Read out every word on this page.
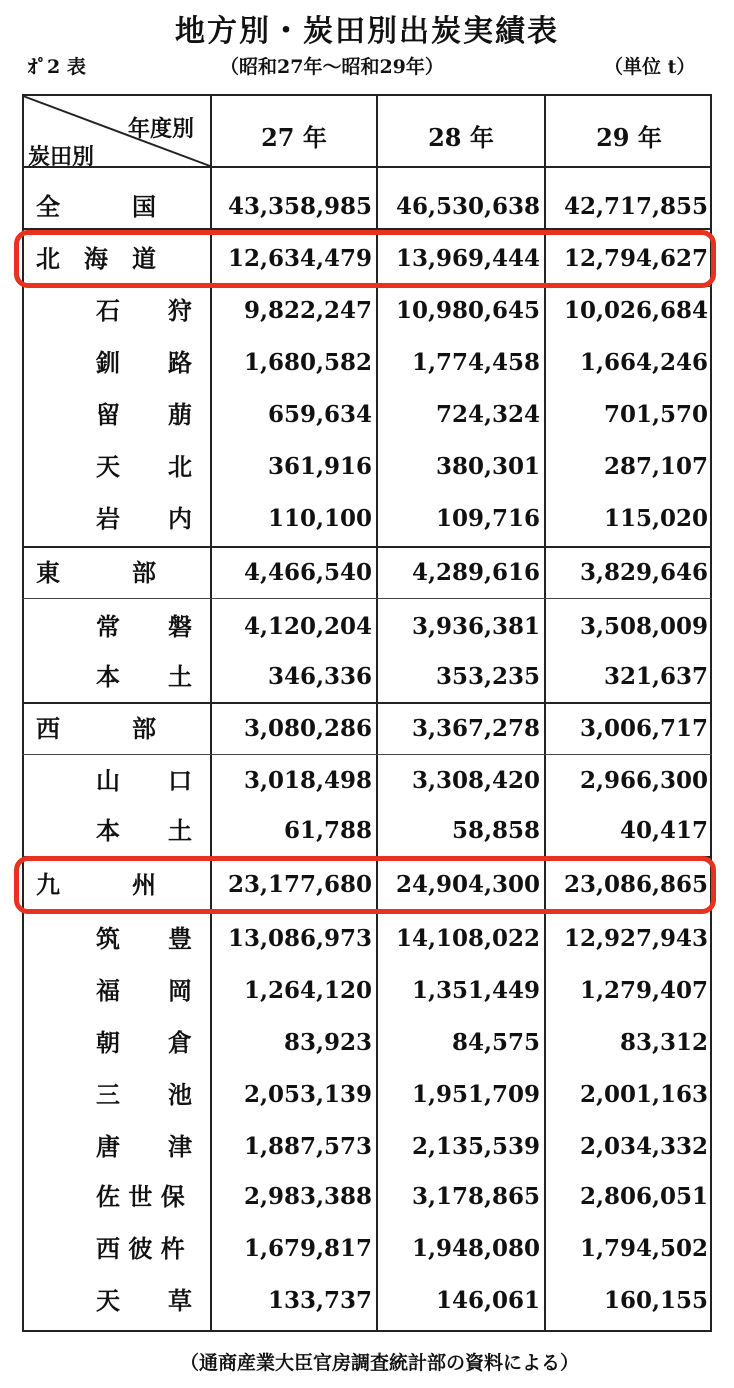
地方別・炭田別出炭実績表
ｵﾟ2 表	（昭和27年〜昭和29年）	（単位 t）
年度別
炭田別
27 年	28 年	29 年
全　　　国	43,358,985	46,530,638	42,717,855
北　海　道	12,634,479	13,969,444	12,794,627
石　　狩	9,822,247	10,980,645	10,026,684
釧　　路	1,680,582	1,774,458	1,664,246
留　　萠	659,634	724,324	701,570
天　　北	361,916	380,301	287,107
岩　　内	110,100	109,716	115,020
東　　　部	4,466,540	4,289,616	3,829,646
常　　磐	4,120,204	3,936,381	3,508,009
本　　土	346,336	353,235	321,637
西　　　部	3,080,286	3,367,278	3,006,717
山　　口	3,018,498	3,308,420	2,966,300
本　　土	61,788	58,858	40,417
九　　　州	23,177,680	24,904,300	23,086,865
筑　　豊	13,086,973	14,108,022	12,927,943
福　　岡	1,264,120	1,351,449	1,279,407
朝　　倉	83,923	84,575	83,312
三　　池	2,053,139	1,951,709	2,001,163
唐　　津	1,887,573	2,135,539	2,034,332
佐 世 保	2,983,388	3,178,865	2,806,051
西 彼 杵	1,679,817	1,948,080	1,794,502
天　　草	133,737	146,061	160,155
（通商産業大臣官房調査統計部の資料による）
